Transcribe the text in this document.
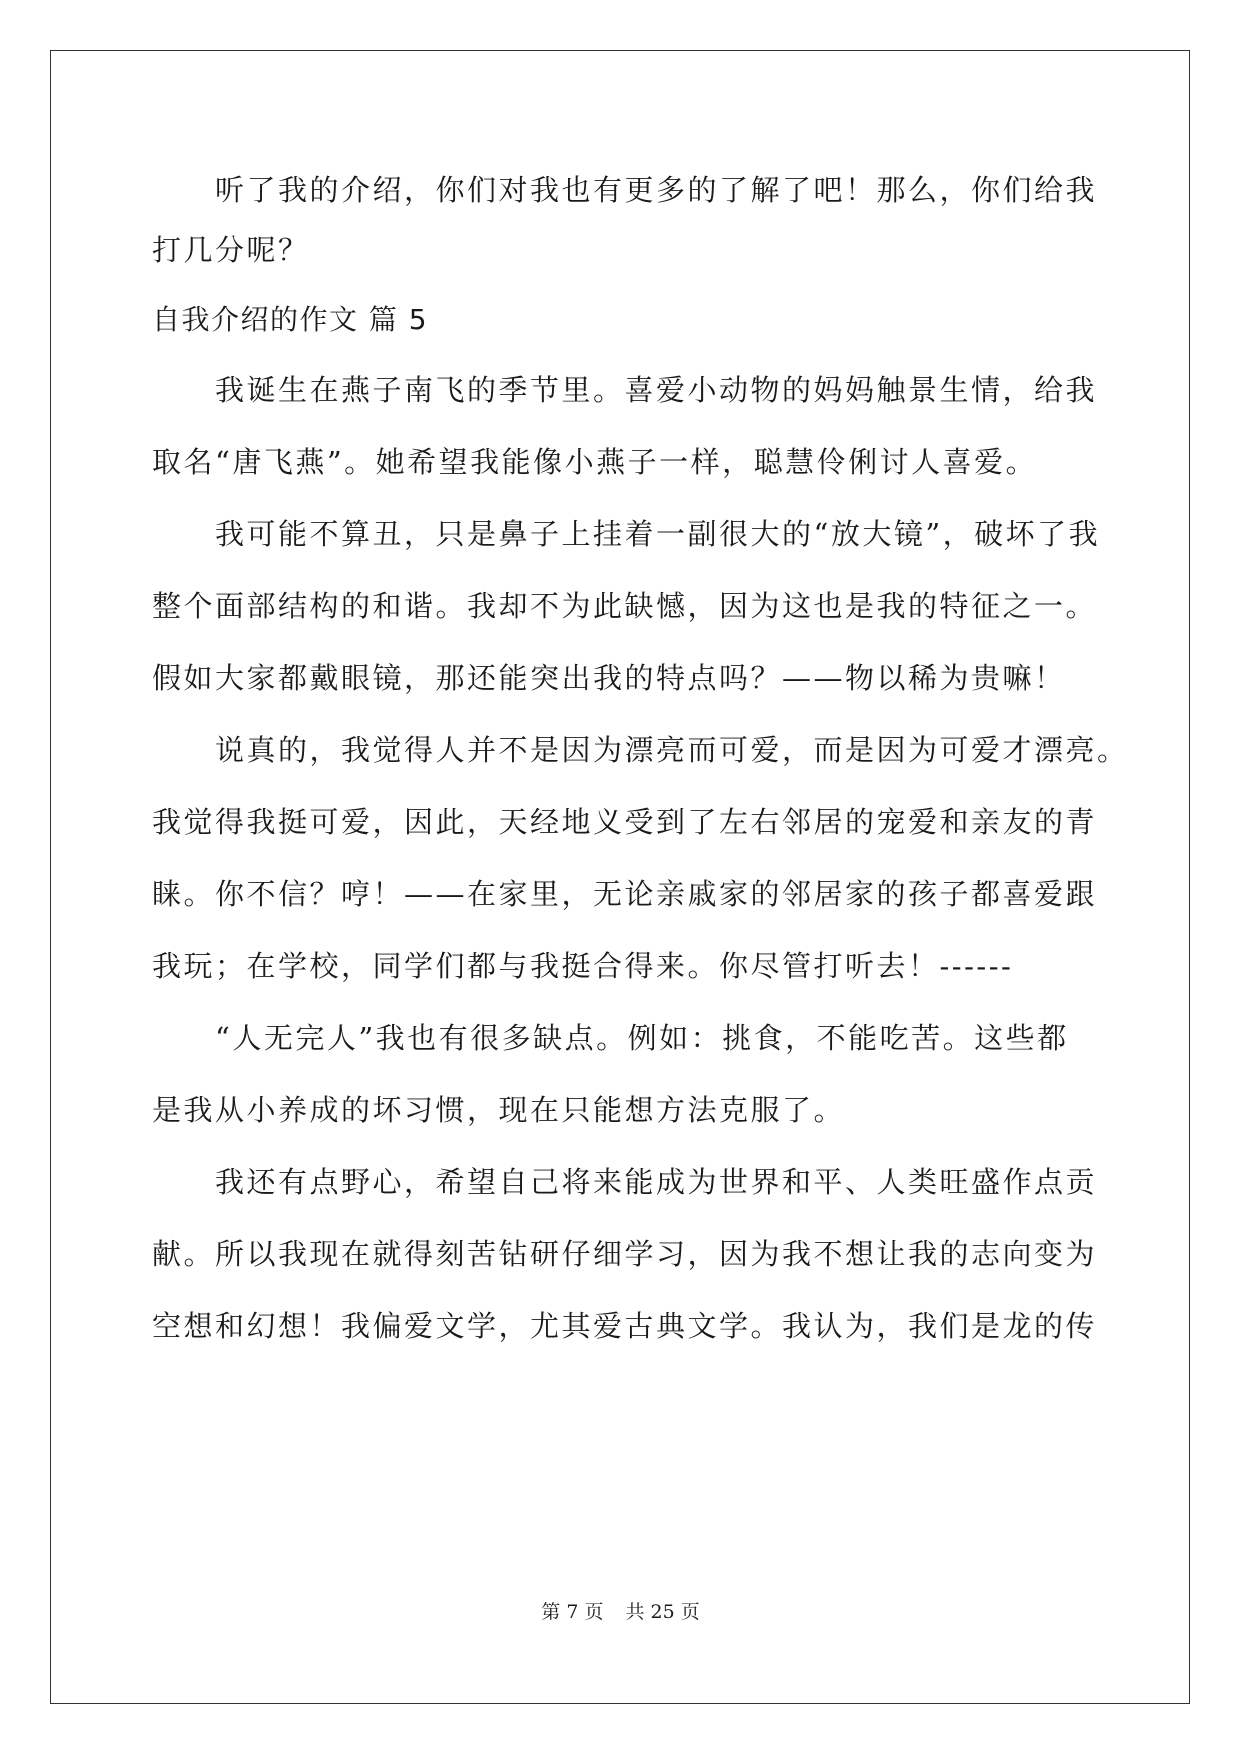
听了我的介绍，你们对我也有更多的了解了吧！那么，你们给我
打几分呢？
自我介绍的作文 篇 5
我诞生在燕子南飞的季节里。喜爱小动物的妈妈触景生情，给我
取名“唐飞燕”。她希望我能像小燕子一样，聪慧伶俐讨人喜爱。
我可能不算丑，只是鼻子上挂着一副很大的“放大镜”，破坏了我
整个面部结构的和谐。我却不为此缺憾，因为这也是我的特征之一。
假如大家都戴眼镜，那还能突出我的特点吗？——物以稀为贵嘛！
说真的，我觉得人并不是因为漂亮而可爱，而是因为可爱才漂亮。
我觉得我挺可爱，因此，天经地义受到了左右邻居的宠爱和亲友的青
睐。你不信？哼！——在家里，无论亲戚家的邻居家的孩子都喜爱跟
我玩；在学校，同学们都与我挺合得来。你尽管打听去！------
“人无完人”我也有很多缺点。例如：挑食，不能吃苦。这些都
是我从小养成的坏习惯，现在只能想方法克服了。
我还有点野心，希望自己将来能成为世界和平、人类旺盛作点贡
献。所以我现在就得刻苦钻研仔细学习，因为我不想让我的志向变为
空想和幻想！我偏爱文学，尤其爱古典文学。我认为，我们是龙的传
第 7 页 共 25 页
